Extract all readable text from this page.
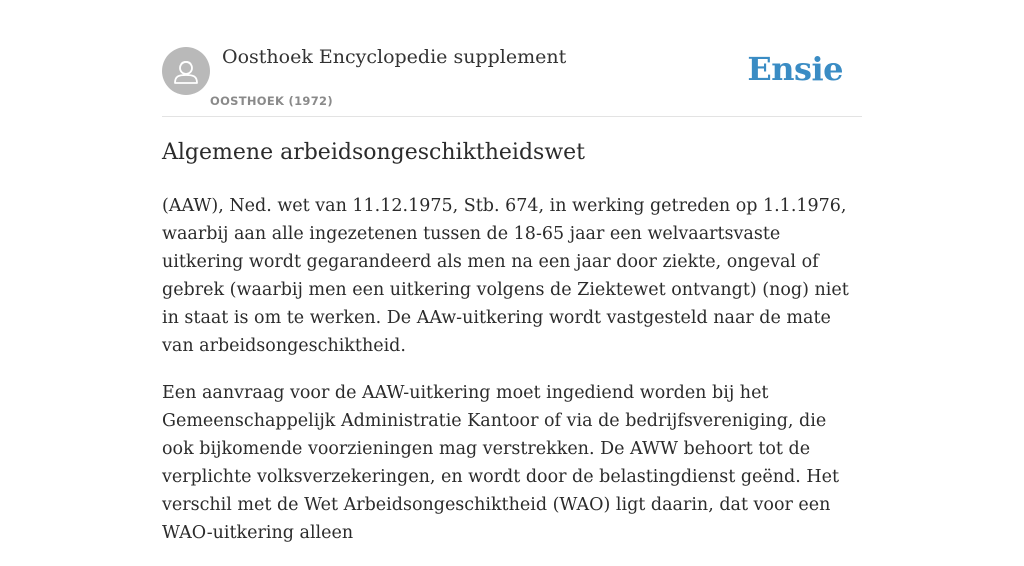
Oosthoek Encyclopedie supplement
OOSTHOEK (1972)
Ensie
Algemene arbeidsongeschiktheidswet

(AAW), Ned. wet van 11.12.1975, Stb. 674, in werking getreden op 1.1.1976, waarbij aan alle ingezetenen tussen de 18-65 jaar een welvaartsvaste uitkering wordt gegarandeerd als men na een jaar door ziekte, ongeval of gebrek (waarbij men een uitkering volgens de Ziektewet ontvangt) (nog) niet in staat is om te werken. De AAw-uitkering wordt vastgesteld naar de mate van arbeidsongeschiktheid.

Een aanvraag voor de AAW-uitkering moet ingediend worden bij het Gemeenschappelijk Administratie Kantoor of via de bedrijfsvereniging, die ook bijkomende voorzieningen mag verstrekken. De AWW behoort tot de verplichte volksverzekeringen, en wordt door de belastingdienst geënd. Het verschil met de Wet Arbeidsongeschiktheid (WAO) ligt daarin, dat voor een WAO-uitkering alleen
